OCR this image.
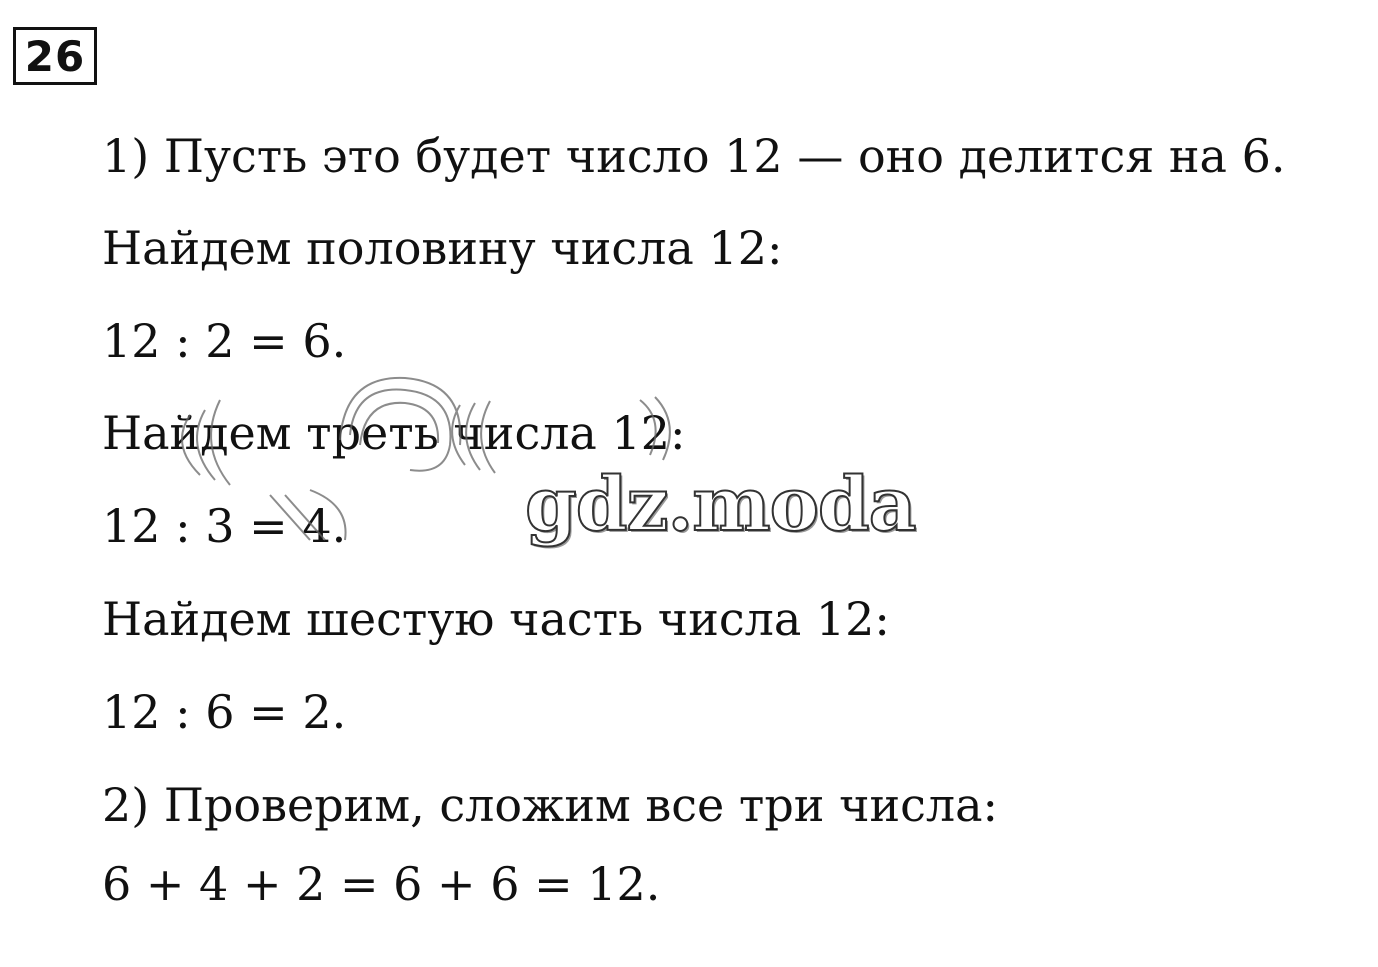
26
1) Пусть это будет число 12 — оно делится на 6.
Найдем половину числа 12:
12 : 2 = 6.
Найдем треть числа 12:
12 : 3 = 4.
Найдем шестую часть числа 12:
12 : 6 = 2.
2) Проверим, сложим все три числа:
6 + 4 + 2 = 6 + 6 = 12.
gdz.moda
